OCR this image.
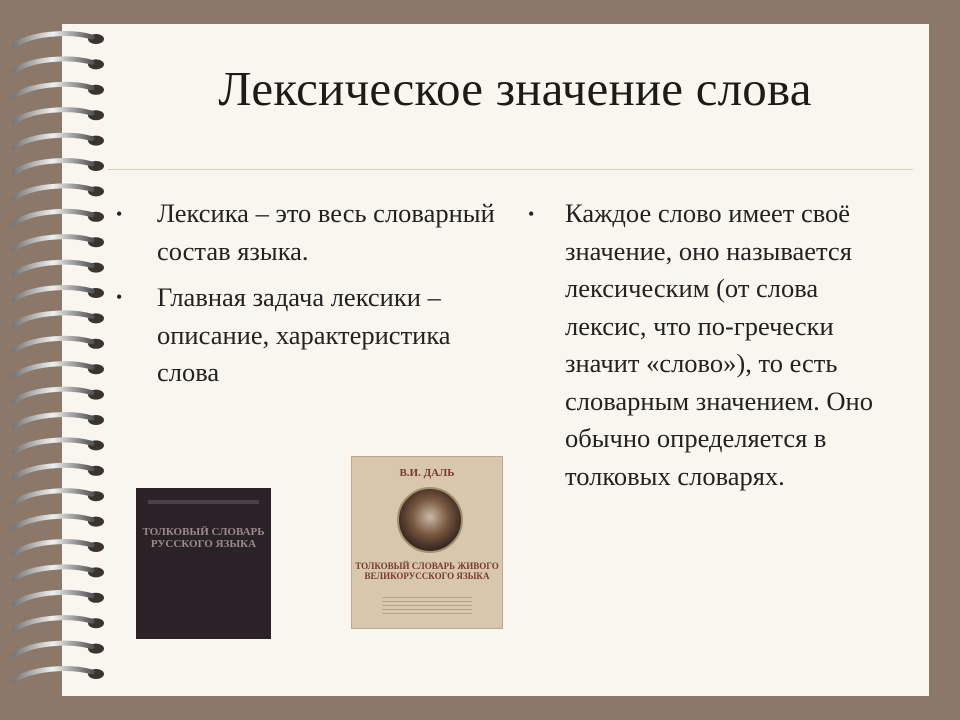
Лексическое значение слова
• Лексика – это весь словарный состав языка.
• Главная задача лексики – описание, характеристика слова
• Каждое слово имеет своё значение, оно называется лексическим (от слова лексис, что по-гречески значит «слово»), то есть словарным значением. Оно обычно определяется в толковых словарях.
ТОЛКОВЫЙ СЛОВАРЬ РУССКОГО ЯЗЫКА
В.И. ДАЛЬ
ТОЛКОВЫЙ СЛОВАРЬ ЖИВОГО ВЕЛИКОРУССКОГО ЯЗЫКА
